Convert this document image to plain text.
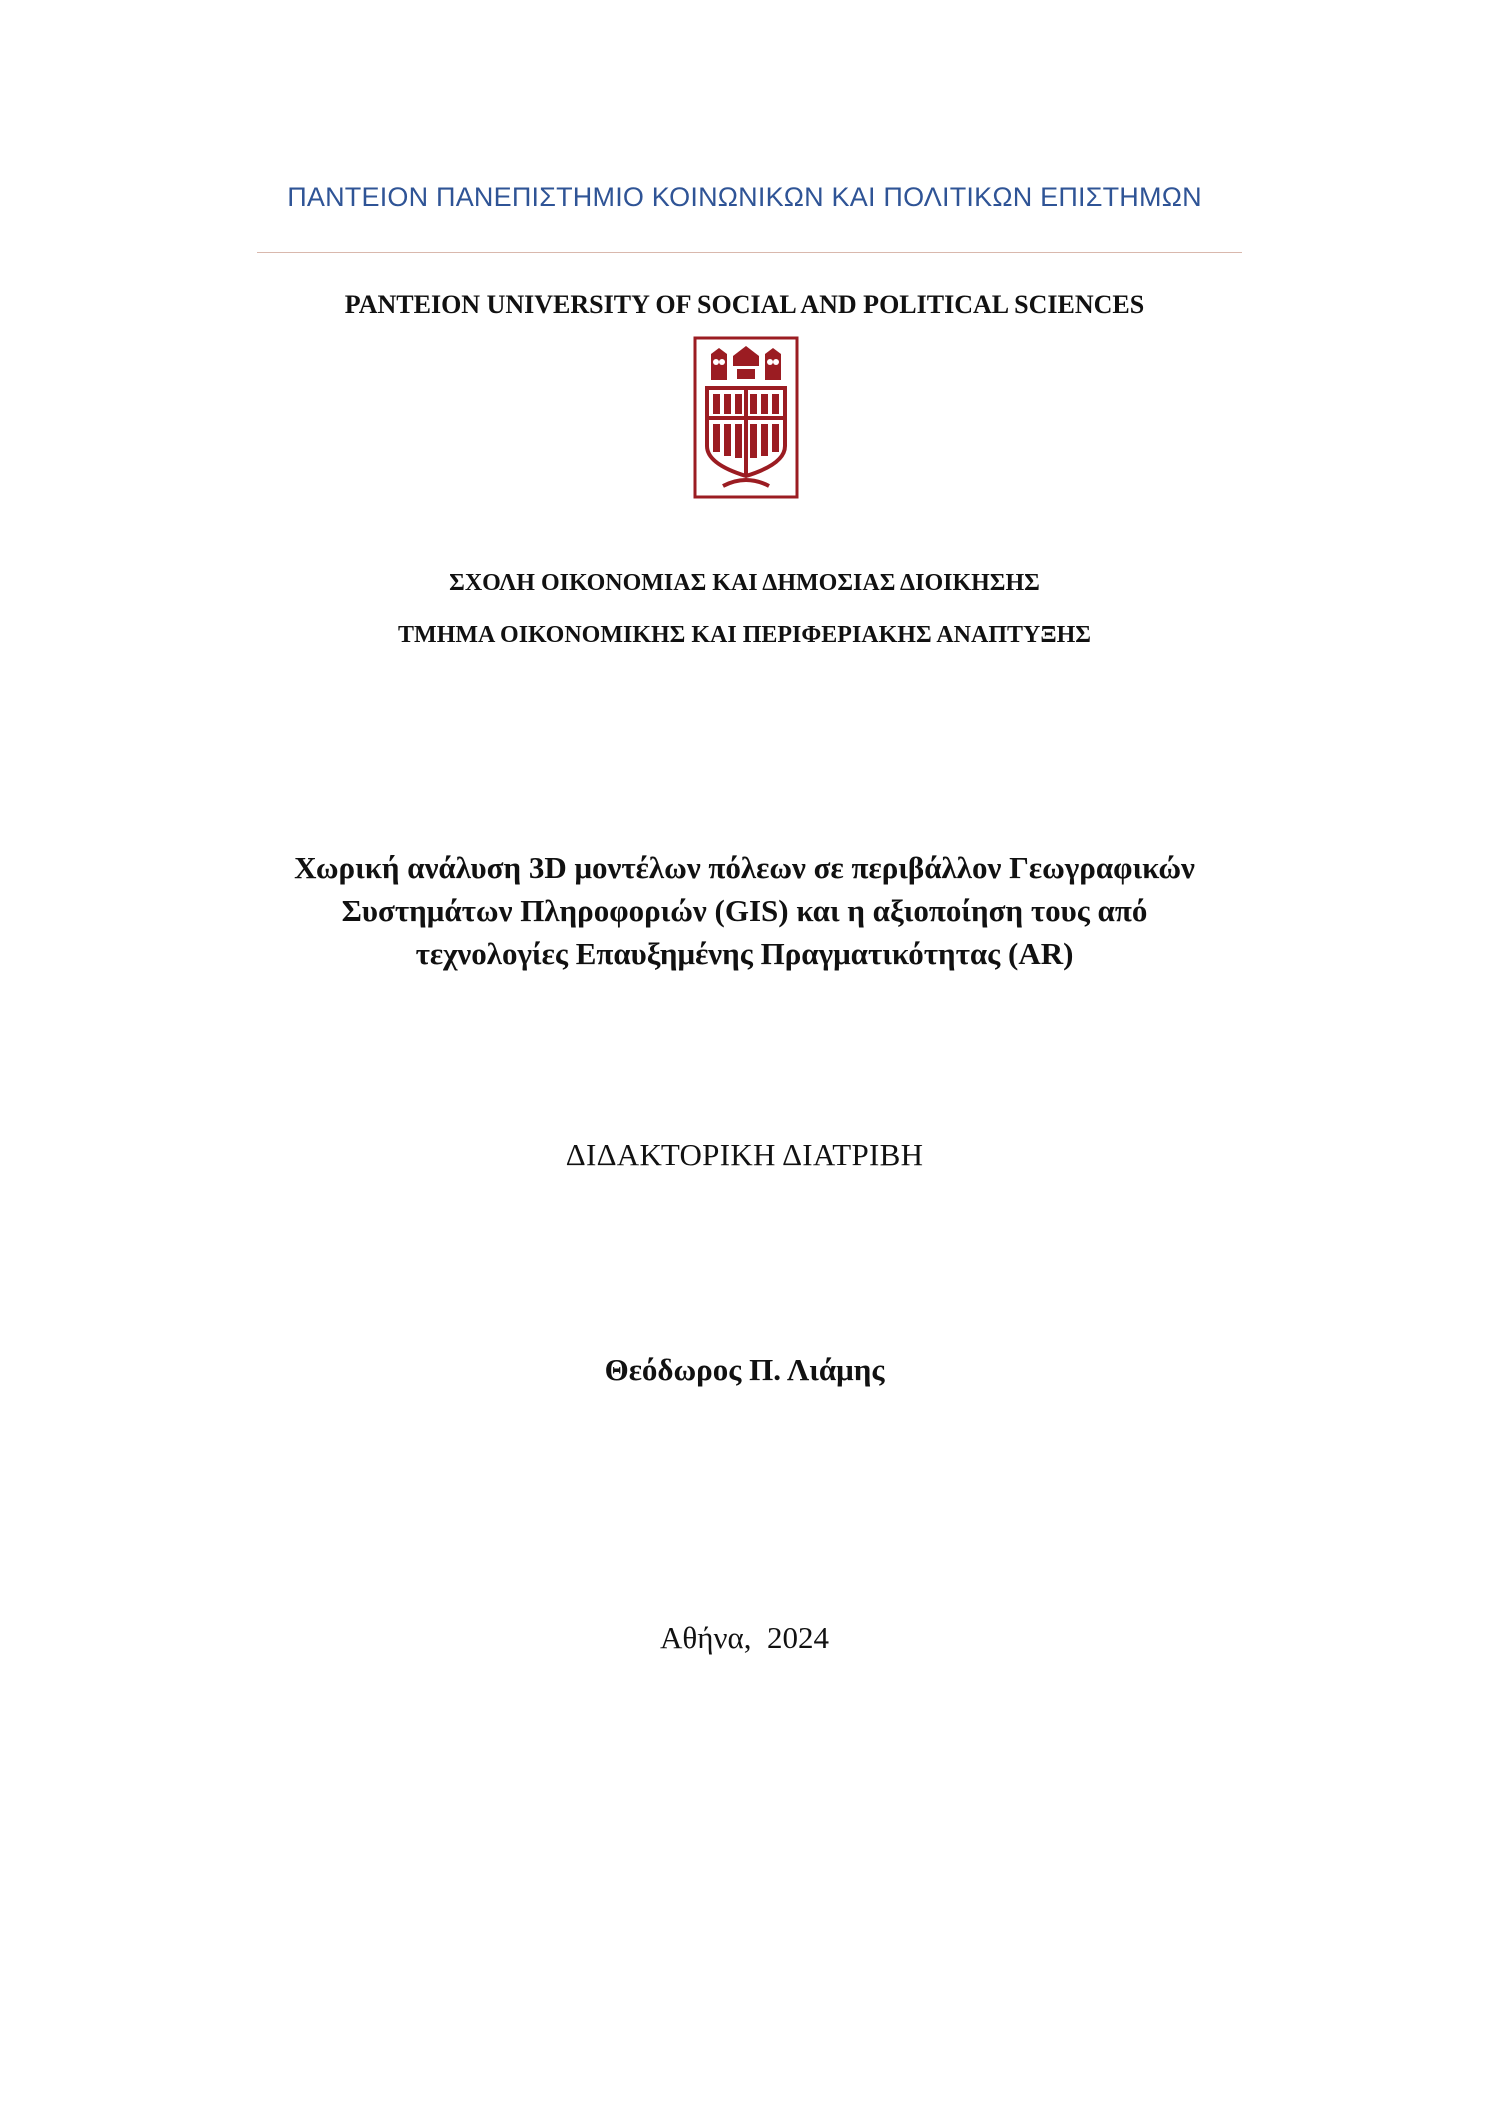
ΠΑΝΤΕΙΟΝ ΠΑΝΕΠΙΣΤΗΜΙΟ ΚΟΙΝΩΝΙΚΩΝ ΚΑΙ ΠΟΛΙΤΙΚΩΝ ΕΠΙΣΤΗΜΩΝ

PANTEION UNIVERSITY OF SOCIAL AND POLITICAL SCIENCES

ΣΧΟΛΗ ΟΙΚΟΝΟΜΙΑΣ ΚΑΙ ΔΗΜΟΣΙΑΣ ΔΙΟΙΚΗΣΗΣ

ΤΜΗΜΑ ΟΙΚΟΝΟΜΙΚΗΣ ΚΑΙ ΠΕΡΙΦΕΡΙΑΚΗΣ ΑΝΑΠΤΥΞΗΣ

Χωρική ανάλυση 3D μοντέλων πόλεων σε περιβάλλον Γεωγραφικών
Συστημάτων Πληροφοριών (GIS) και η αξιοποίηση τους από
τεχνολογίες Επαυξημένης Πραγματικότητας (AR)

ΔΙΔΑΚΤΟΡΙΚΗ ΔΙΑΤΡΙΒΗ

Θεόδωρος Π. Λιάμης

Αθήνα,  2024
